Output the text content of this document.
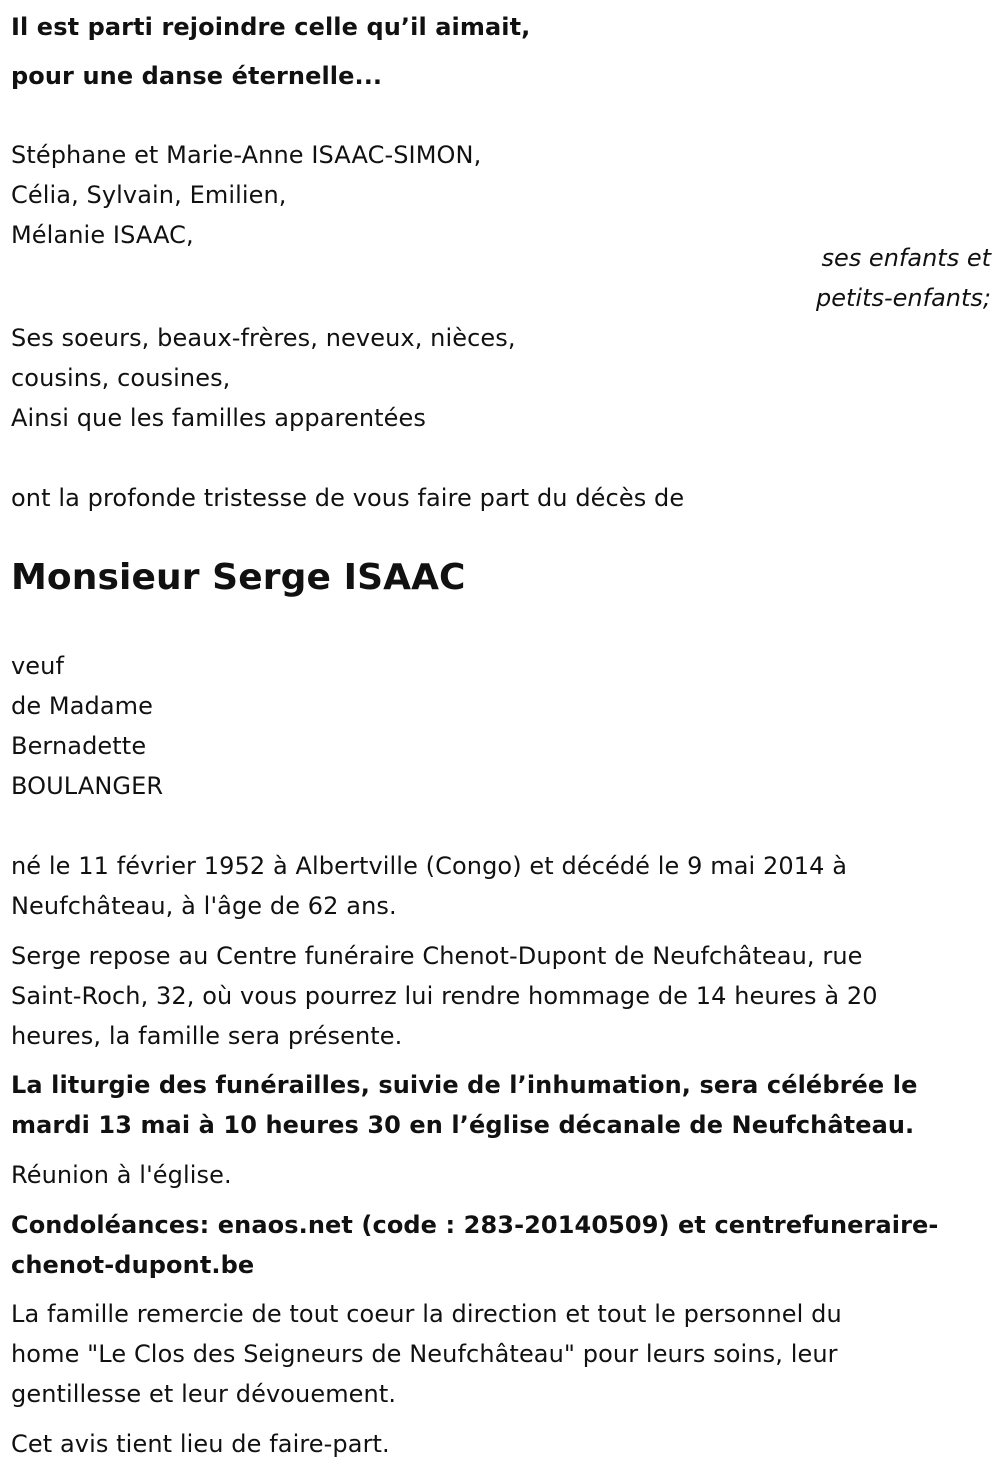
Il est parti rejoindre celle qu’il aimait,
pour une danse éternelle...
Stéphane et Marie-Anne ISAAC-SIMON,
Célia, Sylvain, Emilien,
Mélanie ISAAC,
ses enfants et
petits-enfants;
Ses soeurs, beaux-frères, neveux, nièces,
cousins, cousines,
Ainsi que les familles apparentées
ont la profonde tristesse de vous faire part du décès de
Monsieur Serge ISAAC
veuf
de Madame
Bernadette
BOULANGER
né le 11 février 1952 à Albertville (Congo) et décédé le 9 mai 2014 à
Neufchâteau, à l'âge de 62 ans.
Serge repose au Centre funéraire Chenot-Dupont de Neufchâteau, rue
Saint-Roch, 32, où vous pourrez lui rendre hommage de 14 heures à 20
heures, la famille sera présente.
La liturgie des funérailles, suivie de l’inhumation, sera célébrée le
mardi 13 mai à 10 heures 30 en l’église décanale de Neufchâteau.
Réunion à l'église.
Condoléances: enaos.net (code : 283-20140509) et centrefuneraire-
chenot-dupont.be
La famille remercie de tout coeur la direction et tout le personnel du
home "Le Clos des Seigneurs de Neufchâteau" pour leurs soins, leur
gentillesse et leur dévouement.
Cet avis tient lieu de faire-part.
